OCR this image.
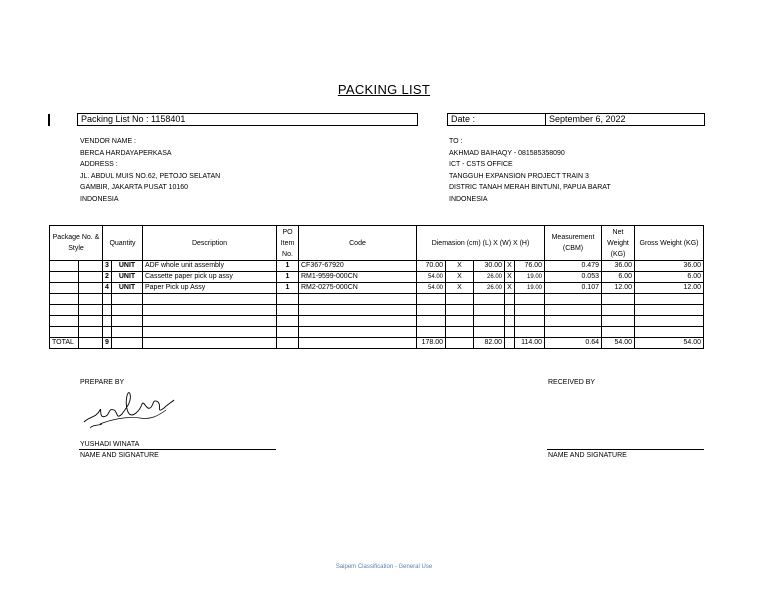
PACKING LIST
Packing List No : 1158401	Date :	September 6, 2022
VENDOR NAME :
BERCA HARDAYAPERKASA
ADDRESS :
JL. ABDUL MUIS NO.62, PETOJO SELATAN
GAMBIR, JAKARTA PUSAT 10160
INDONESIA
TO :
AKHMAD BAIHAQY - 081585358090
ICT - CSTS OFFICE
TANGGUH EXPANSION PROJECT TRAIN 3
DISTRIC TANAH MERAH BINTUNI, PAPUA BARAT
INDONESIA
Package No. & Style		Quantity		Description	PO Item No.	Code	Diemasion (cm) (L) X (W) X (H)					Measurement (CBM)	Net Weight (KG)	Gross Weight (KG)
		3	UNIT	ADF whole unit assembly	1	CF367-67920	70.00	X	30.00	X	76.00	0.479	36.00	36.00
		2	UNIT	Cassette paper pick up assy	1	RM1-9599-000CN	54.00	X	26.00	X	19.00	0.053	6.00	6.00
		4	UNIT	Paper Pick up Assy	1	RM2-0275-000CN	54.00	X	26.00	X	19.00	0.107	12.00	12.00

TOTAL		9					178.00		82.00		114.00	0.64	54.00	54.00
PREPARE BY
YUSHADI WINATA
NAME AND SIGNATURE
RECEIVED BY
NAME AND SIGNATURE
Saipem Classification - General Use
